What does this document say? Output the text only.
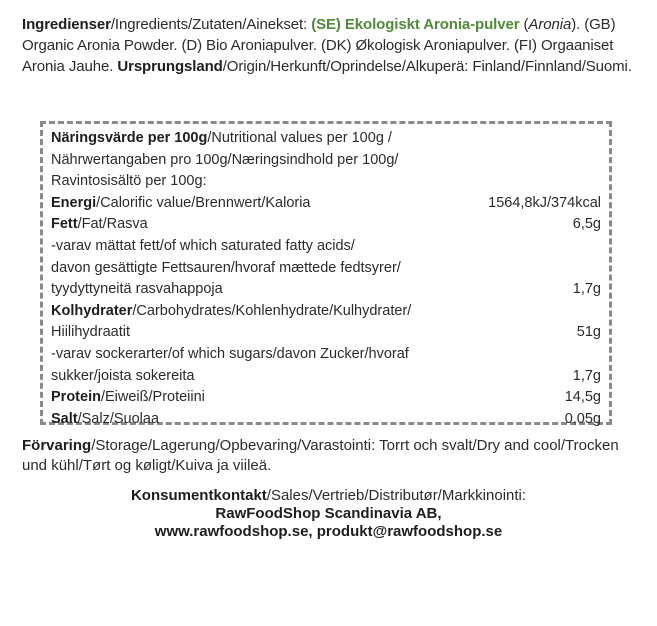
Ingredienser/Ingredients/Zutaten/Ainekset: (SE) Ekologiskt Aronia-pulver (Aronia). (GB) Organic Aronia Powder. (D) Bio Aroniapulver. (DK) Økologisk Aroniapulver. (FI) Orgaaniset Aronia Jauhe. Ursprungsland/Origin/Herkunft/Oprindelse/Alkuperä: Finland/Finnland/Suomi.
Näringsvärde per 100g/Nutritional values per 100g /
Nährwertangaben pro 100g/Næringsindhold per 100g/
Ravintosisältö per 100g:
Energi/Calorific value/Brennwert/Kaloria	1564,8kJ/374kcal
Fett/Fat/Rasva	6,5g
-varav mättat fett/of which saturated fatty acids/
davon gesättigte Fettsauren/hvoraf mættede fedtsyrer/
tyydyttyneitä rasvahappoja	1,7g
Kolhydrater/Carbohydrates/Kohlenhydrate/Kulhydrater/
Hiilihydraatit	51g
-varav sockerarter/of which sugars/davon Zucker/hvoraf
sukker/joista sokereita	1,7g
Protein/Eiweiß/Proteiini	14,5g
Salt/Salz/Suolaa	0,05g
Förvaring/Storage/Lagerung/Opbevaring/Varastointi: Torrt och svalt/Dry and cool/Trocken und kühl/Tørt og køligt/Kuiva ja viileä.
Konsumentkontakt/Sales/Vertrieb/Distributør/Markkinointi:
RawFoodShop Scandinavia AB,
www.rawfoodshop.se, produkt@rawfoodshop.se
